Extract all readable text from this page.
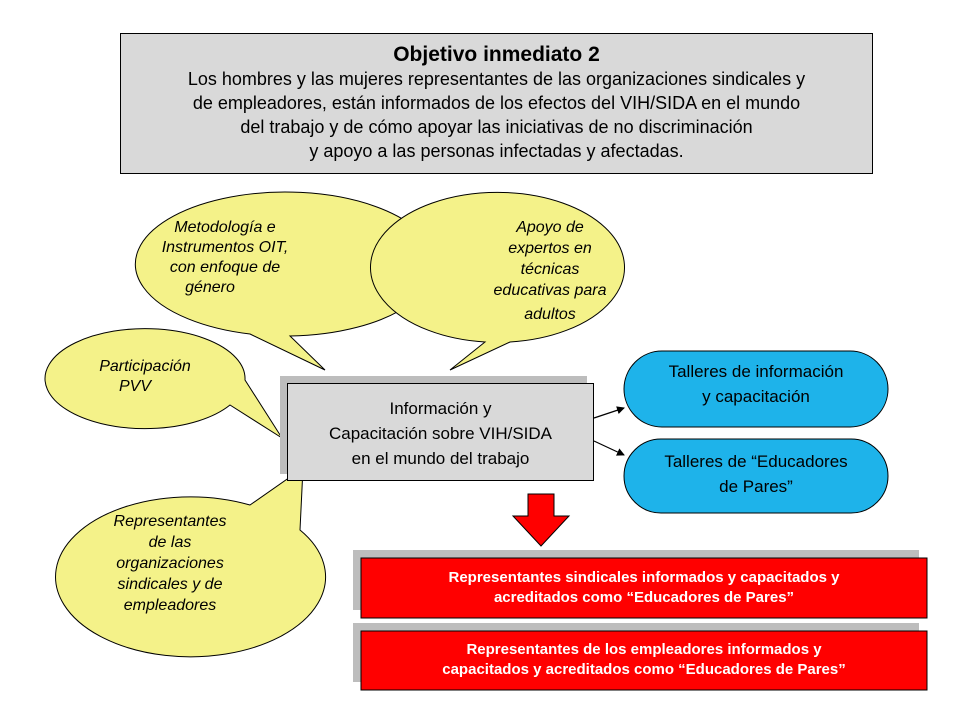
Objetivo inmediato 2
Los hombres y las mujeres representantes de las organizaciones sindicales y
de empleadores, están informados de los efectos del VIH/SIDA en el mundo
del trabajo y de cómo apoyar las iniciativas de no discriminación
y apoyo a las personas infectadas y afectadas.
Metodología e
Instrumentos OIT,
con enfoque de
género
Apoyo de
expertos en
técnicas
educativas para
adultos
Participación
PVV
Representantes
de las
organizaciones
sindicales y de
empleadores
Información y
Capacitación sobre VIH/SIDA
en el mundo del trabajo
Talleres de información
y capacitación
Talleres de “Educadores
de Pares”
Representantes sindicales informados y capacitados y
acreditados como “Educadores de Pares”
Representantes de los empleadores informados y
capacitados y acreditados como “Educadores de Pares”
